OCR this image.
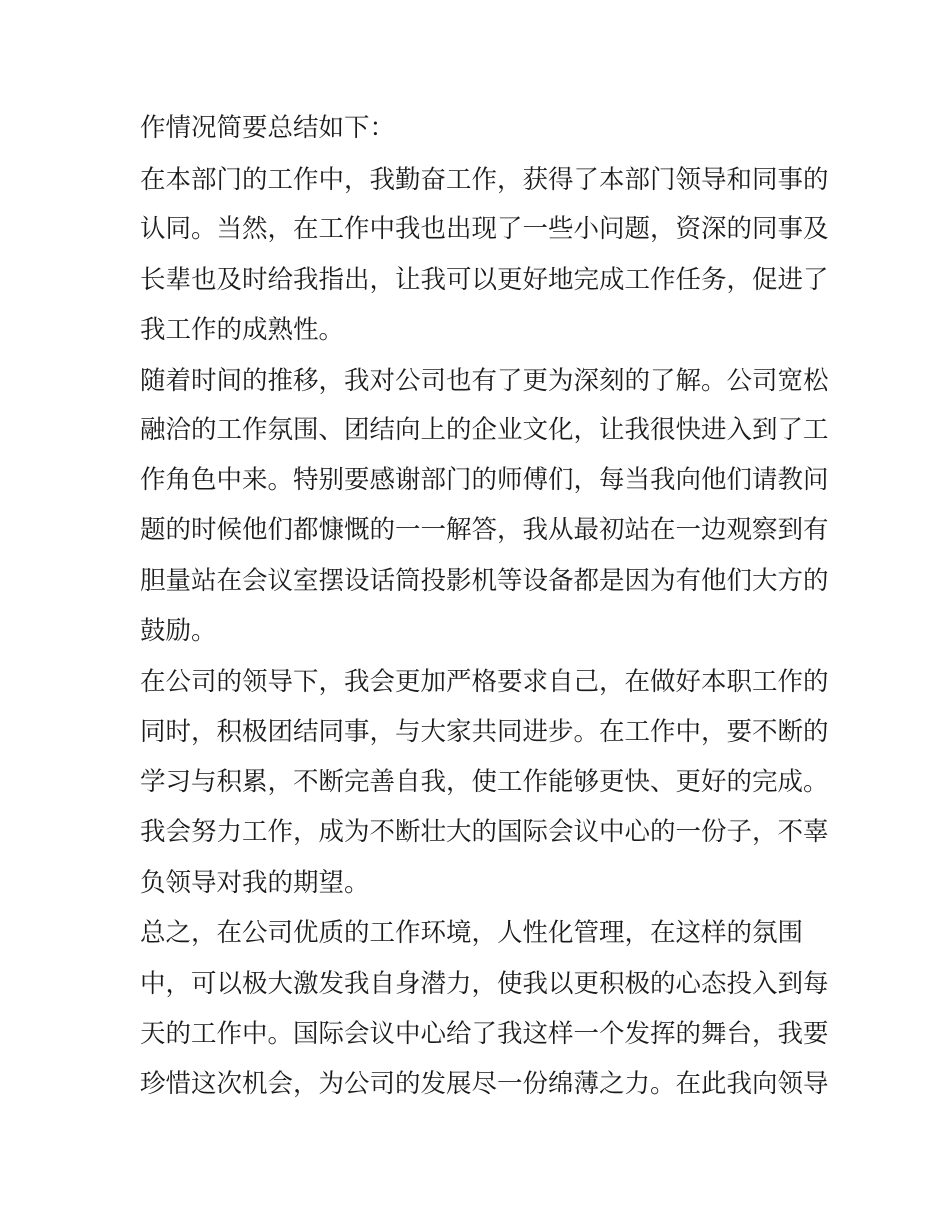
作情况简要总结如下：
在本部门的工作中，我勤奋工作，获得了本部门领导和同事的
认同。当然，在工作中我也出现了一些小问题，资深的同事及
长辈也及时给我指出，让我可以更好地完成工作任务，促进了
我工作的成熟性。
随着时间的推移，我对公司也有了更为深刻的了解。公司宽松
融洽的工作氛围、团结向上的企业文化，让我很快进入到了工
作角色中来。特别要感谢部门的师傅们，每当我向他们请教问
题的时候他们都慷慨的一一解答，我从最初站在一边观察到有
胆量站在会议室摆设话筒投影机等设备都是因为有他们大方的
鼓励。
在公司的领导下，我会更加严格要求自己，在做好本职工作的
同时，积极团结同事，与大家共同进步。在工作中，要不断的
学习与积累，不断完善自我，使工作能够更快、更好的完成。
我会努力工作，成为不断壮大的国际会议中心的一份子，不辜
负领导对我的期望。
总之，在公司优质的工作环境，人性化管理，在这样的氛围
中，可以极大激发我自身潜力，使我以更积极的心态投入到每
天的工作中。国际会议中心给了我这样一个发挥的舞台，我要
珍惜这次机会，为公司的发展尽一份绵薄之力。在此我向领导
